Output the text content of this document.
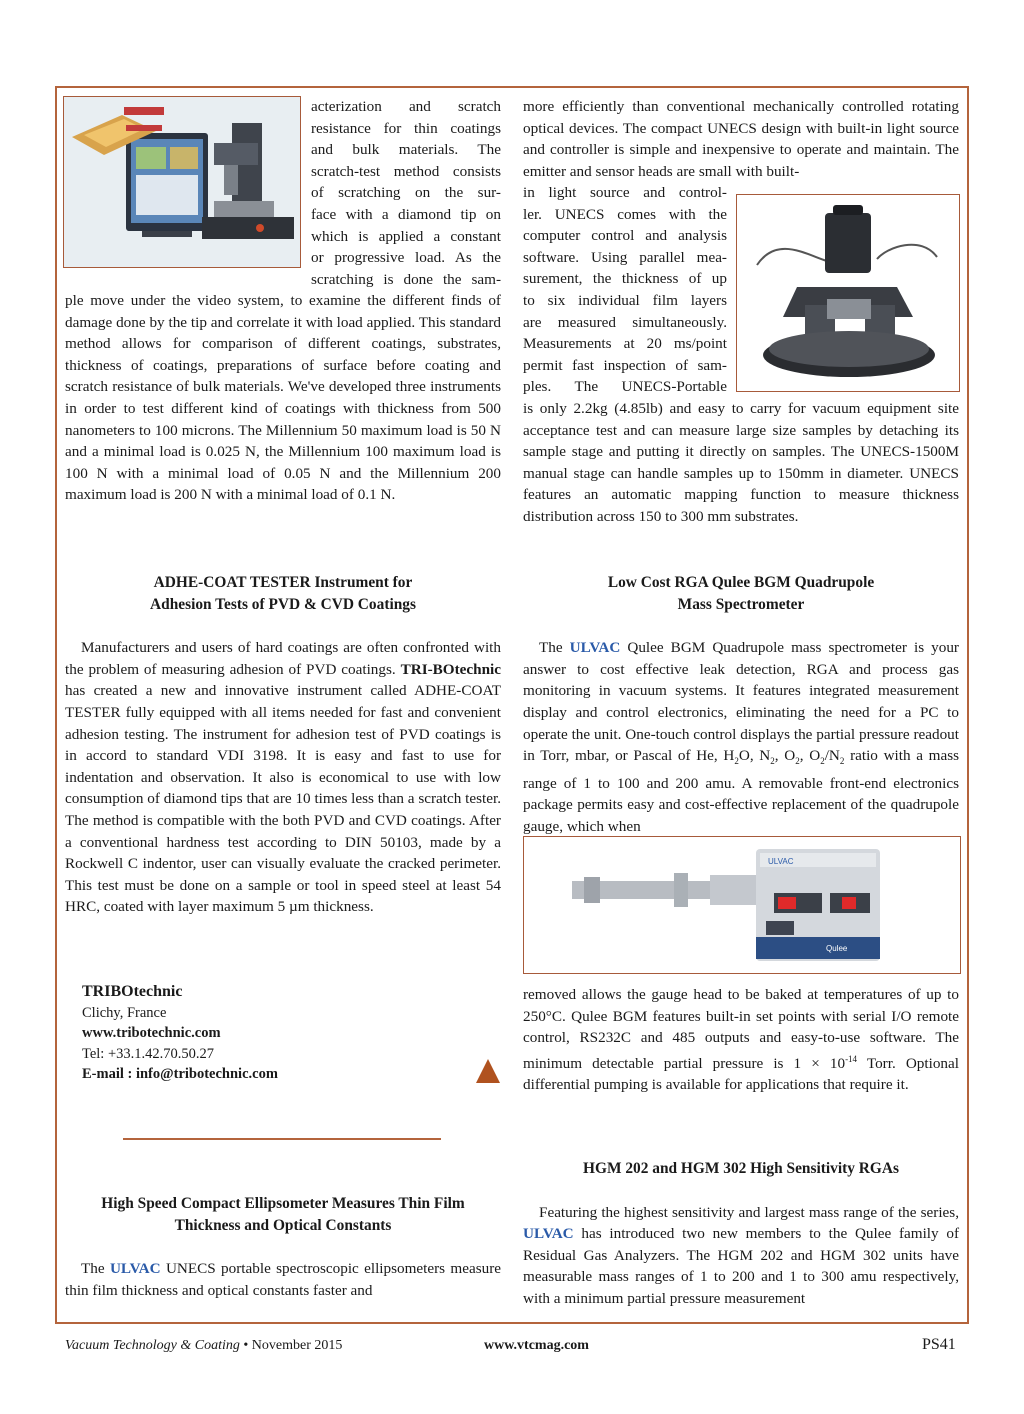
acterization and scratch
resistance for thin coatings
and bulk materials. The
scratch-test method consists
of scratching on the sur-
face with a diamond tip on
which is applied a constant
or progressive load. As the
scratching is done the sam-

ple move under the video system, to examine the different finds of damage done by the tip and correlate it with load applied. This standard method allows for comparison of different coatings, substrates, thickness of coatings, preparations of surface before coating and scratch resistance of bulk materials. We've developed three instruments in order to test different kind of coatings with thickness from 500 nanometers to 100 microns. The Millennium 50 maximum load is 50 N and a minimal load is 0.025 N, the Millennium 100 maximum load is 100 N with a minimal load of 0.05 N and the Millennium 200 maximum load is 200 N with a minimal load of 0.1 N.

more efficiently than conventional mechanically controlled rotating optical devices. The compact UNECS design with built-in light source and controller is simple and inexpensive to operate and maintain. The emitter and sensor heads are small with built-

in light source and control-
ler. UNECS comes with the
computer control and analysis
software. Using parallel mea-
surement, the thickness of up
to six individual film layers
are measured simultaneously.
Measurements at 20 ms/point
permit fast inspection of sam-
ples. The UNECS-Portable

is only 2.2kg (4.85lb) and easy to carry for vacuum equipment site acceptance test and can measure large size samples by detaching its sample stage and putting it directly on samples. The UNECS-1500M manual stage can handle samples up to 150mm in diameter. UNECS features an automatic mapping function to measure thickness distribution across 150 to 300 mm substrates.

ADHE-COAT TESTER Instrument for
Adhesion Tests of PVD & CVD Coatings

Manufacturers and users of hard coatings are often confronted with the problem of measuring adhesion of PVD coatings. TRI-BOtechnic has created a new and innovative instrument called ADHE-COAT TESTER fully equipped with all items needed for fast and convenient adhesion testing. The instrument for adhesion test of PVD coatings is in accord to standard VDI 3198. It is easy and fast to use for indentation and observation. It also is economical to use with low consumption of diamond tips that are 10 times less than a scratch tester. The method is compatible with the both PVD and CVD coatings. After a conventional hardness test according to DIN 50103, made by a Rockwell C indentor, user can visually evaluate the cracked perimeter. This test must be done on a sample or tool in speed steel at least 54 HRC, coated with layer maximum 5 µm thickness.

TRIBOtechnic
Clichy, France
www.tribotechnic.com
Tel: +33.1.42.70.50.27
E-mail : info@tribotechnic.com
High Speed Compact Ellipsometer Measures Thin Film
Thickness and Optical Constants

The ULVAC UNECS portable spectroscopic ellipsometers measure thin film thickness and optical constants faster and

Low Cost RGA Qulee BGM Quadrupole
Mass Spectrometer

The ULVAC Qulee BGM Quadrupole mass spectrometer is your answer to cost effective leak detection, RGA and process gas monitoring in vacuum systems. It features integrated measurement display and control electronics, eliminating the need for a PC to operate the unit. One-touch control displays the partial pressure readout in Torr, mbar, or Pascal of He, $H_2O$, $N_2$, $O_2$, $O_2/N_2$ ratio with a mass range of 1 to 100 and 200 amu. A removable front-end electronics package permits easy and cost-effective replacement of the quadrupole gauge, which when

ULVAC
Qulee

removed allows the gauge head to be baked at temperatures of up to 250°C. Qulee BGM features built-in set points with serial I/O remote control, RS232C and 485 outputs and easy-to-use software. The minimum detectable partial pressure is $1 \times 10^{-14}$ Torr. Optional differential pumping is available for applications that require it.

HGM 202 and HGM 302 High Sensitivity RGAs

Featuring the highest sensitivity and largest mass range of the series, ULVAC has introduced two new members to the Qulee family of Residual Gas Analyzers. The HGM 202 and HGM 302 units have measurable mass ranges of 1 to 200 and 1 to 300 amu respectively, with a minimum partial pressure measurement

Vacuum Technology & Coating • November 2015	www.vtcmag.com	PS41
